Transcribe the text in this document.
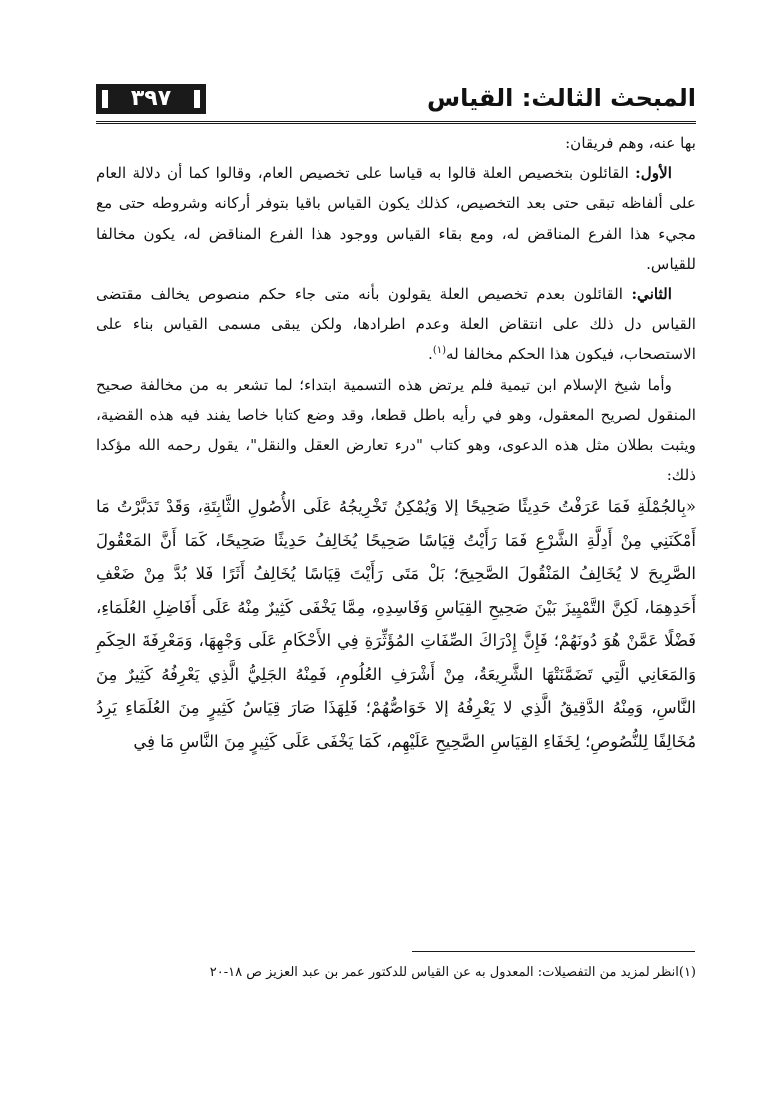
٣٩٧	المبحث الثالث: القياس

بها عنه، وهم فريقان:

الأول: القائلون بتخصيص العلة قالوا به قياسا على تخصيص العام، وقالوا كما أن دلالة العام على ألفاظه تبقى حتى بعد التخصيص، كذلك يكون القياس باقيا بتوفر أركانه وشروطه حتى مع مجيء هذا الفرع المناقض له، ومع بقاء القياس ووجود هذا الفرع المناقض له، يكون مخالفا للقياس.

الثاني: القائلون بعدم تخصيص العلة يقولون بأنه متى جاء حكم منصوص يخالف مقتضى القياس دل ذلك على انتقاض العلة وعدم اطرادها، ولكن يبقى مسمى القياس بناء على الاستصحاب، فيكون هذا الحكم مخالفا له$^{(١)}$.

وأما شيخ الإسلام ابن تيمية فلم يرتض هذه التسمية ابتداء؛ لما تشعر به من مخالفة صحيح المنقول لصريح المعقول، وهو في رأيه باطل قطعا، وقد وضع كتابا خاصا يفند فيه هذه القضية، ويثبت بطلان مثل هذه الدعوى، وهو كتاب "درء تعارض العقل والنقل"، يقول رحمه الله مؤكدا ذلك:

«بِالجُمْلَةِ فَمَا عَرَفْتُ حَدِيثًا صَحِيحًا إلا وَيُمْكِنُ تَخْرِيجُهُ عَلَى الأُصُولِ الثَّابِتَةِ، وَقَدْ تَدَبَّرْتُ مَا أَمْكَنَنِي مِنْ أَدِلَّةِ الشَّرْعِ فَمَا رَأَيْتُ قِيَاسًا صَحِيحًا يُخَالِفُ حَدِيثًا صَحِيحًا، كَمَا أَنَّ المَعْقُولَ الصَّرِيحَ لا يُخَالِفُ المَنْقُولَ الصَّحِيحَ؛ بَلْ مَتَى رَأَيْتَ قِيَاسًا يُخَالِفُ أَثَرًا فَلا بُدَّ مِنْ ضَعْفِ أَحَدِهِمَا، لَكِنَّ التَّمْيِيزَ بَيْنَ صَحِيحِ القِيَاسِ وَفَاسِدِهِ، مِمَّا يَخْفَى كَثِيرٌ مِنْهُ عَلَى أَفَاضِلِ العُلَمَاءِ، فَضْلًا عَمَّنْ هُوَ دُونَهُمْ؛ فَإِنَّ إِدْرَاكَ الصِّفَاتِ المُؤَثِّرَةِ فِي الأَحْكَامِ عَلَى وَجْهِهَا، وَمَعْرِفَةَ الحِكَمِ وَالمَعَانِي الَّتِي تَضَمَّنَتْهَا الشَّرِيعَةُ، مِنْ أَشْرَفِ العُلُومِ، فَمِنْهُ الجَلِيُّ الَّذِي يَعْرِفُهُ كَثِيرٌ مِنَ النَّاسِ، وَمِنْهُ الدَّقِيقُ الَّذِي لا يَعْرِفُهُ إلا خَوَاصُّهُمْ؛ فَلِهَذَا صَارَ قِيَاسُ كَثِيرٍ مِنَ العُلَمَاءِ يَرِدُ مُخَالِفًا لِلنُّصُوصِ؛ لِخَفَاءِ القِيَاسِ الصَّحِيحِ عَلَيْهِم، كَمَا يَخْفَى عَلَى كَثِيرٍ مِنَ النَّاسِ مَا فِي

(١)انظر لمزيد من التفصيلات: المعدول به عن القياس للدكتور عمر بن عبد العزيز ص ١٨-٢٠
